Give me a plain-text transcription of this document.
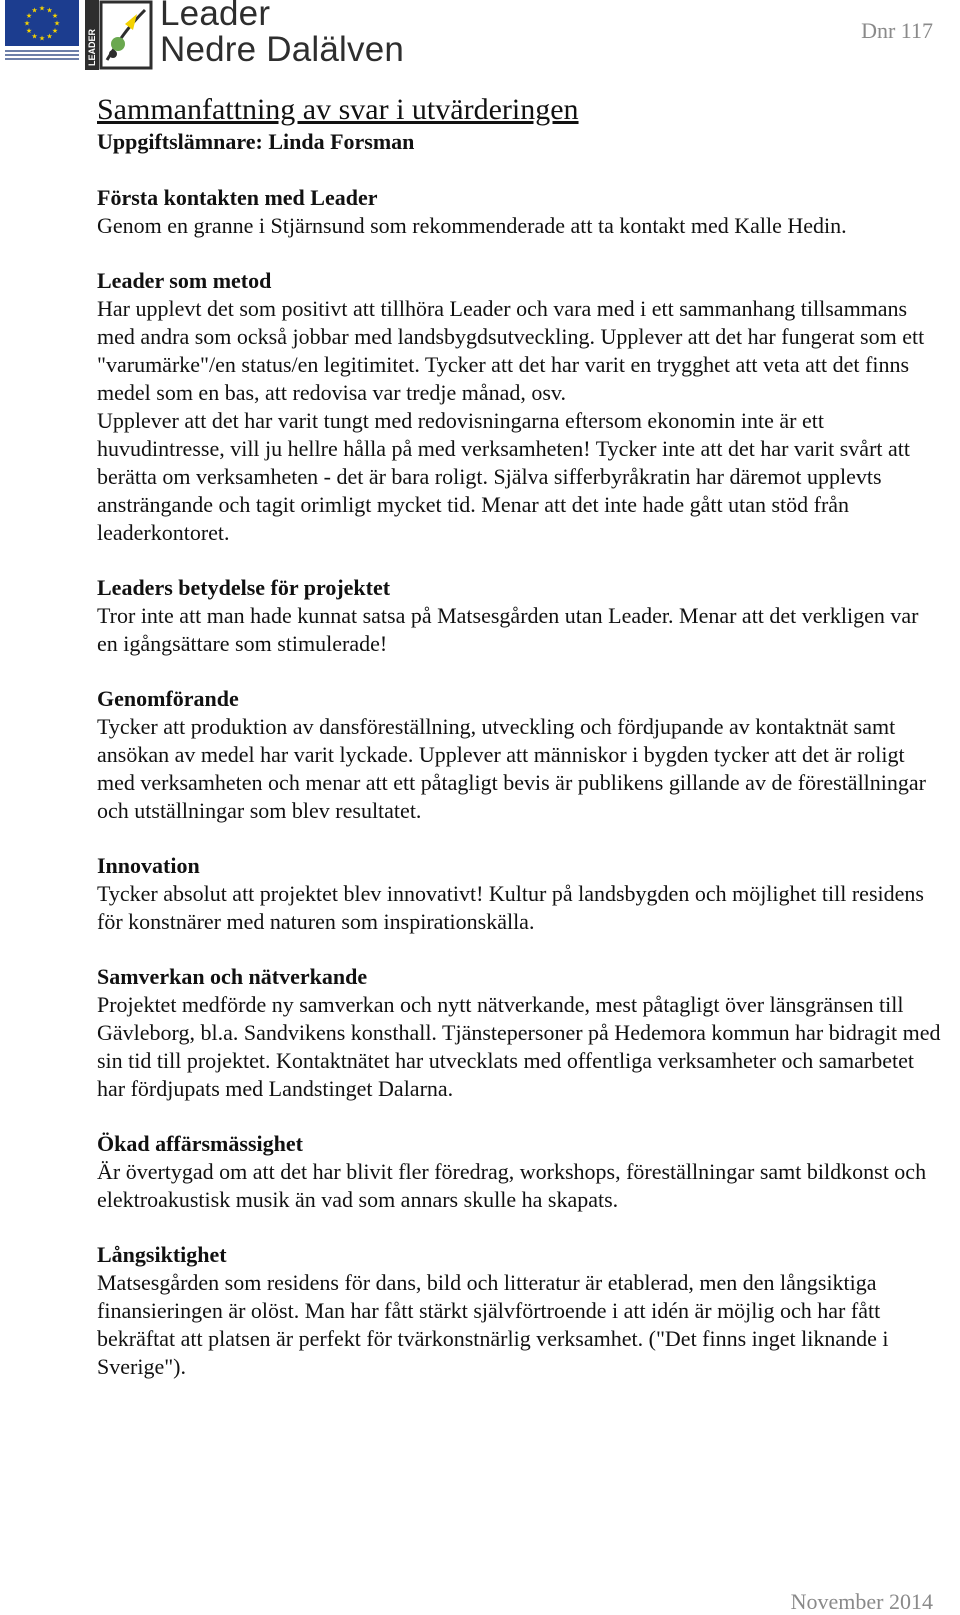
★ ★
★
★
★
★
★
★
★
★
★
★
LEADER
Leader
Nedre Dalälven	Dnr 117
Sammanfattning av svar i utvärderingen
Uppgiftslämnare: Linda Forsman
Första kontakten med Leader

Genom en granne i Stjärnsund som rekommenderade att ta kontakt med Kalle Hedin.

Leader som metod

Har upplevt det som positivt att tillhöra Leader och vara med i ett sammanhang tillsammans med andra som också jobbar med landsbygdsutveckling. Upplever att det har fungerat som ett "varumärke"/en status/en legitimitet. Tycker att det har varit en trygghet att veta att det finns medel som en bas, att redovisa var tredje månad, osv.

Upplever att det har varit tungt med redovisningarna eftersom ekonomin inte är ett huvudintresse, vill ju hellre hålla på med verksamheten! Tycker inte att det har varit svårt att berätta om verksamheten - det är bara roligt. Själva sifferbyråkratin har däremot upplevts ansträngande och tagit orimligt mycket tid. Menar att det inte hade gått utan stöd från leaderkontoret.

Leaders betydelse för projektet

Tror inte att man hade kunnat satsa på Matsesgården utan Leader. Menar att det verkligen var en igångsättare som stimulerade!

Genomförande

Tycker att produktion av dansföreställning, utveckling och fördjupande av kontaktnät samt ansökan av medel har varit lyckade. Upplever att människor i bygden tycker att det är roligt med verksamheten och menar att ett påtagligt bevis är publikens gillande av de föreställningar och utställningar som blev resultatet.

Innovation

Tycker absolut att projektet blev innovativt! Kultur på landsbygden och möjlighet till residens för konstnärer med naturen som inspirationskälla.

Samverkan och nätverkande

Projektet medförde ny samverkan och nytt nätverkande, mest påtagligt över länsgränsen till Gävleborg, bl.a. Sandvikens konsthall. Tjänstepersoner på Hedemora kommun har bidragit med sin tid till projektet. Kontaktnätet har utvecklats med offentliga verksamheter och samarbetet har fördjupats med Landstinget Dalarna.

Ökad affärsmässighet

Är övertygad om att det har blivit fler föredrag, workshops, föreställningar samt bildkonst och elektroakustisk musik än vad som annars skulle ha skapats.

Långsiktighet

Matsesgården som residens för dans, bild och litteratur är etablerad, men den långsiktiga finansieringen är olöst. Man har fått stärkt självförtroende i att idén är möjlig och har fått bekräftat att platsen är perfekt för tvärkonstnärlig verksamhet. ("Det finns inget liknande i Sverige").

November 2014
